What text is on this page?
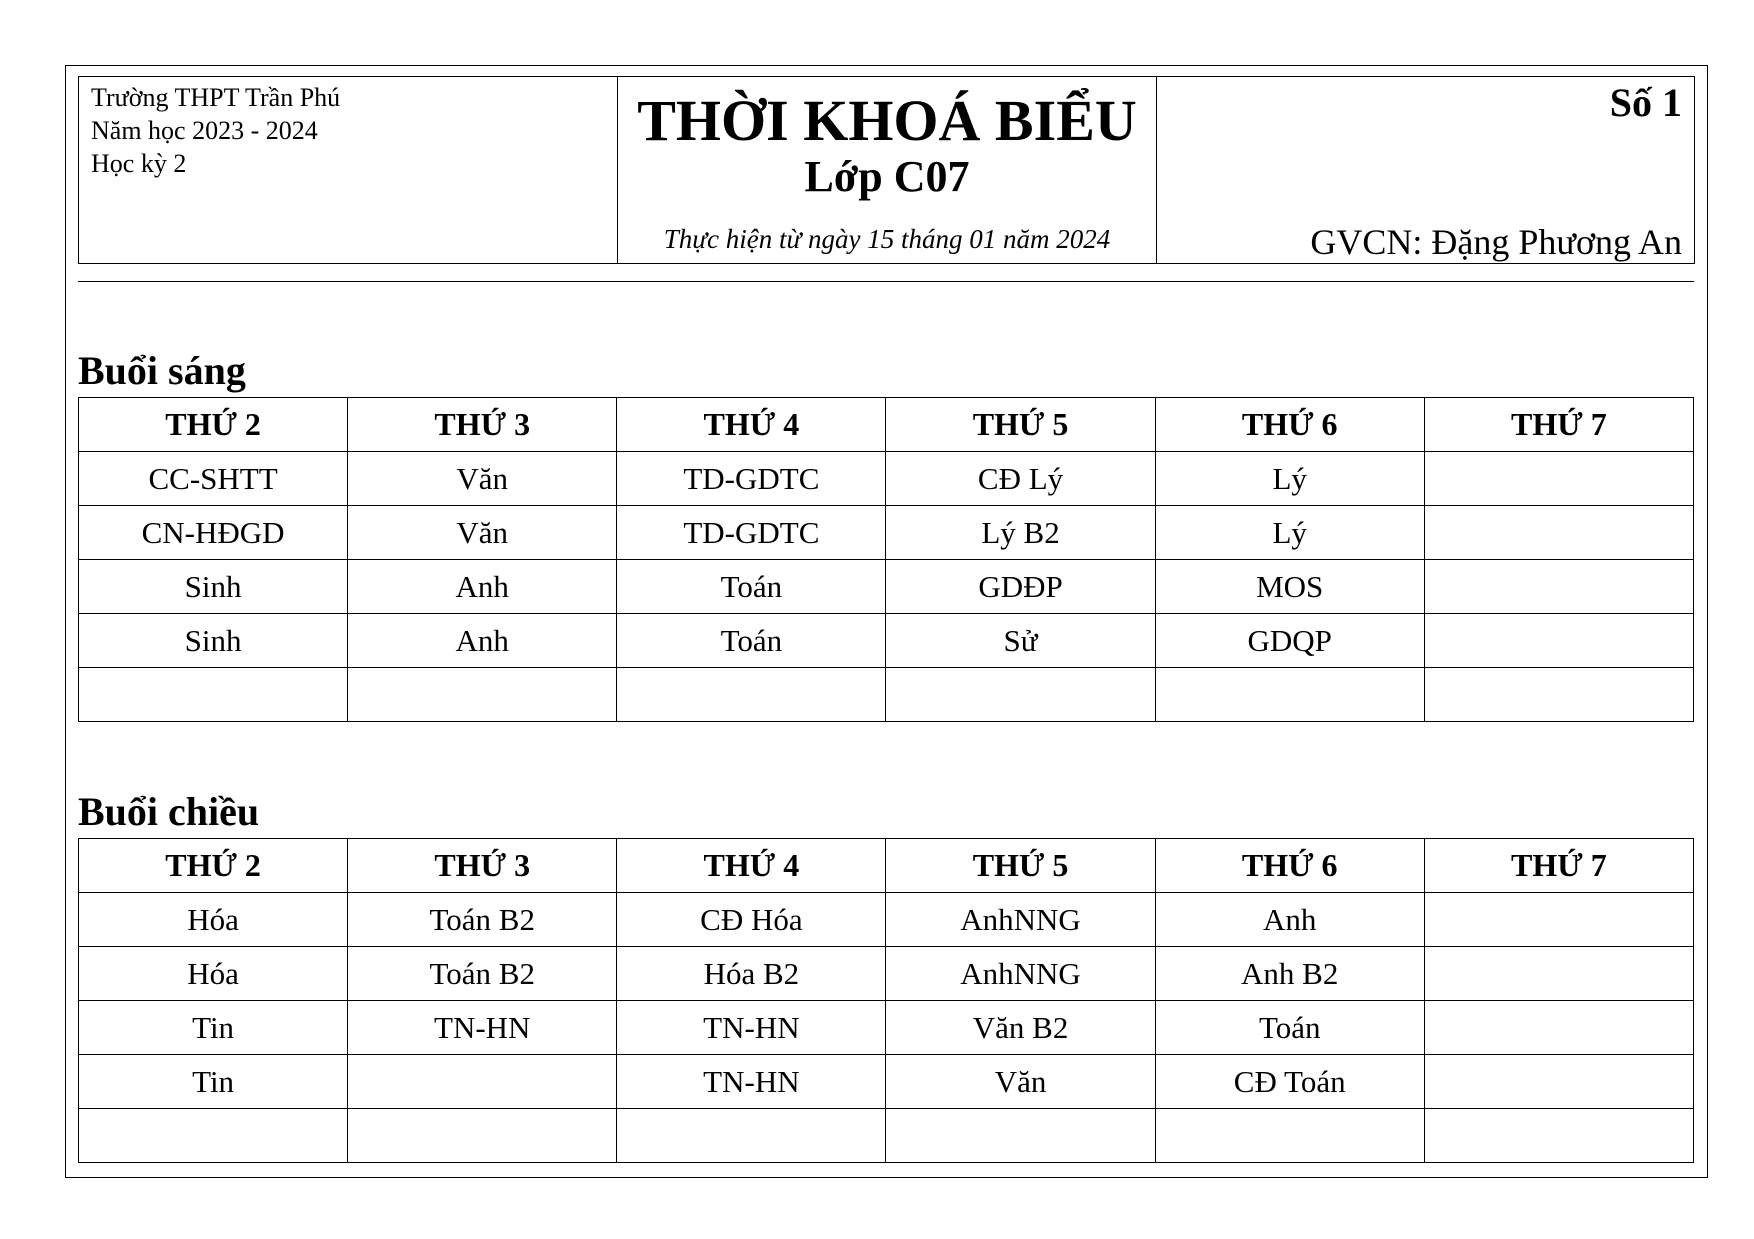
Trường THPT Trần Phú
Năm học 2023 - 2024
Học kỳ 2

THỜI KHOÁ BIỂU
Lớp C07
Thực hiện từ ngày 15 tháng 01 năm 2024

Số 1
GVCN: Đặng Phương An
Buổi sáng
THỨ 2	THỨ 3	THỨ 4	THỨ 5	THỨ 6	THỨ 7
CC-SHTT	Văn	TD-GDTC	CĐ Lý	Lý	
CN-HĐGD	Văn	TD-GDTC	Lý B2	Lý	
Sinh	Anh	Toán	GDĐP	MOS	
Sinh	Anh	Toán	Sử	GDQP	

Buổi chiều
THỨ 2	THỨ 3	THỨ 4	THỨ 5	THỨ 6	THỨ 7
Hóa	Toán B2	CĐ Hóa	AnhNNG	Anh	
Hóa	Toán B2	Hóa B2	AnhNNG	Anh B2	
Tin	TN-HN	TN-HN	Văn B2	Toán	
Tin		TN-HN	Văn	CĐ Toán	
